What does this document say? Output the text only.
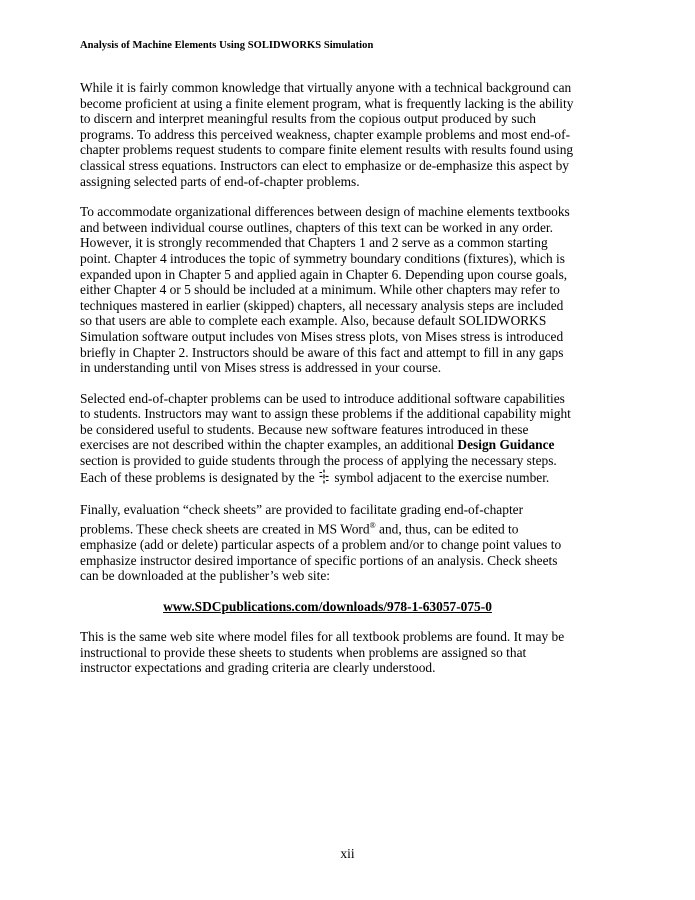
Analysis of Machine Elements Using SOLIDWORKS Simulation

While it is fairly common knowledge that virtually anyone with a technical background can become proficient at using a finite element program, what is frequently lacking is the ability to discern and interpret meaningful results from the copious output produced by such programs. To address this perceived weakness, chapter example problems and most end-of-chapter problems request students to compare finite element results with results found using classical stress equations. Instructors can elect to emphasize or de-emphasize this aspect by assigning selected parts of end-of-chapter problems.

To accommodate organizational differences between design of machine elements textbooks and between individual course outlines, chapters of this text can be worked in any order. However, it is strongly recommended that Chapters 1 and 2 serve as a common starting point. Chapter 4 introduces the topic of symmetry boundary conditions (fixtures), which is expanded upon in Chapter 5 and applied again in Chapter 6. Depending upon course goals, either Chapter 4 or 5 should be included at a minimum. While other chapters may refer to techniques mastered in earlier (skipped) chapters, all necessary analysis steps are included so that users are able to complete each example. Also, because default SOLIDWORKS Simulation software output includes von Mises stress plots, von Mises stress is introduced briefly in Chapter 2. Instructors should be aware of this fact and attempt to fill in any gaps in understanding until von Mises stress is addressed in your course.

Selected end-of-chapter problems can be used to introduce additional software capabilities to students. Instructors may want to assign these problems if the additional capability might be considered useful to students. Because new software features introduced in these exercises are not described within the chapter examples, an additional Design Guidance section is provided to guide students through the process of applying the necessary steps. Each of these problems is designated by the  symbol adjacent to the exercise number.

Finally, evaluation “check sheets” are provided to facilitate grading end-of-chapter problems. These check sheets are created in MS Word® and, thus, can be edited to emphasize (add or delete) particular aspects of a problem and/or to change point values to emphasize instructor desired importance of specific portions of an analysis. Check sheets can be downloaded at the publisher’s web site:

www.SDCpublications.com/downloads/978-1-63057-075-0

This is the same web site where model files for all textbook problems are found. It may be instructional to provide these sheets to students when problems are assigned so that instructor expectations and grading criteria are clearly understood.

xii
